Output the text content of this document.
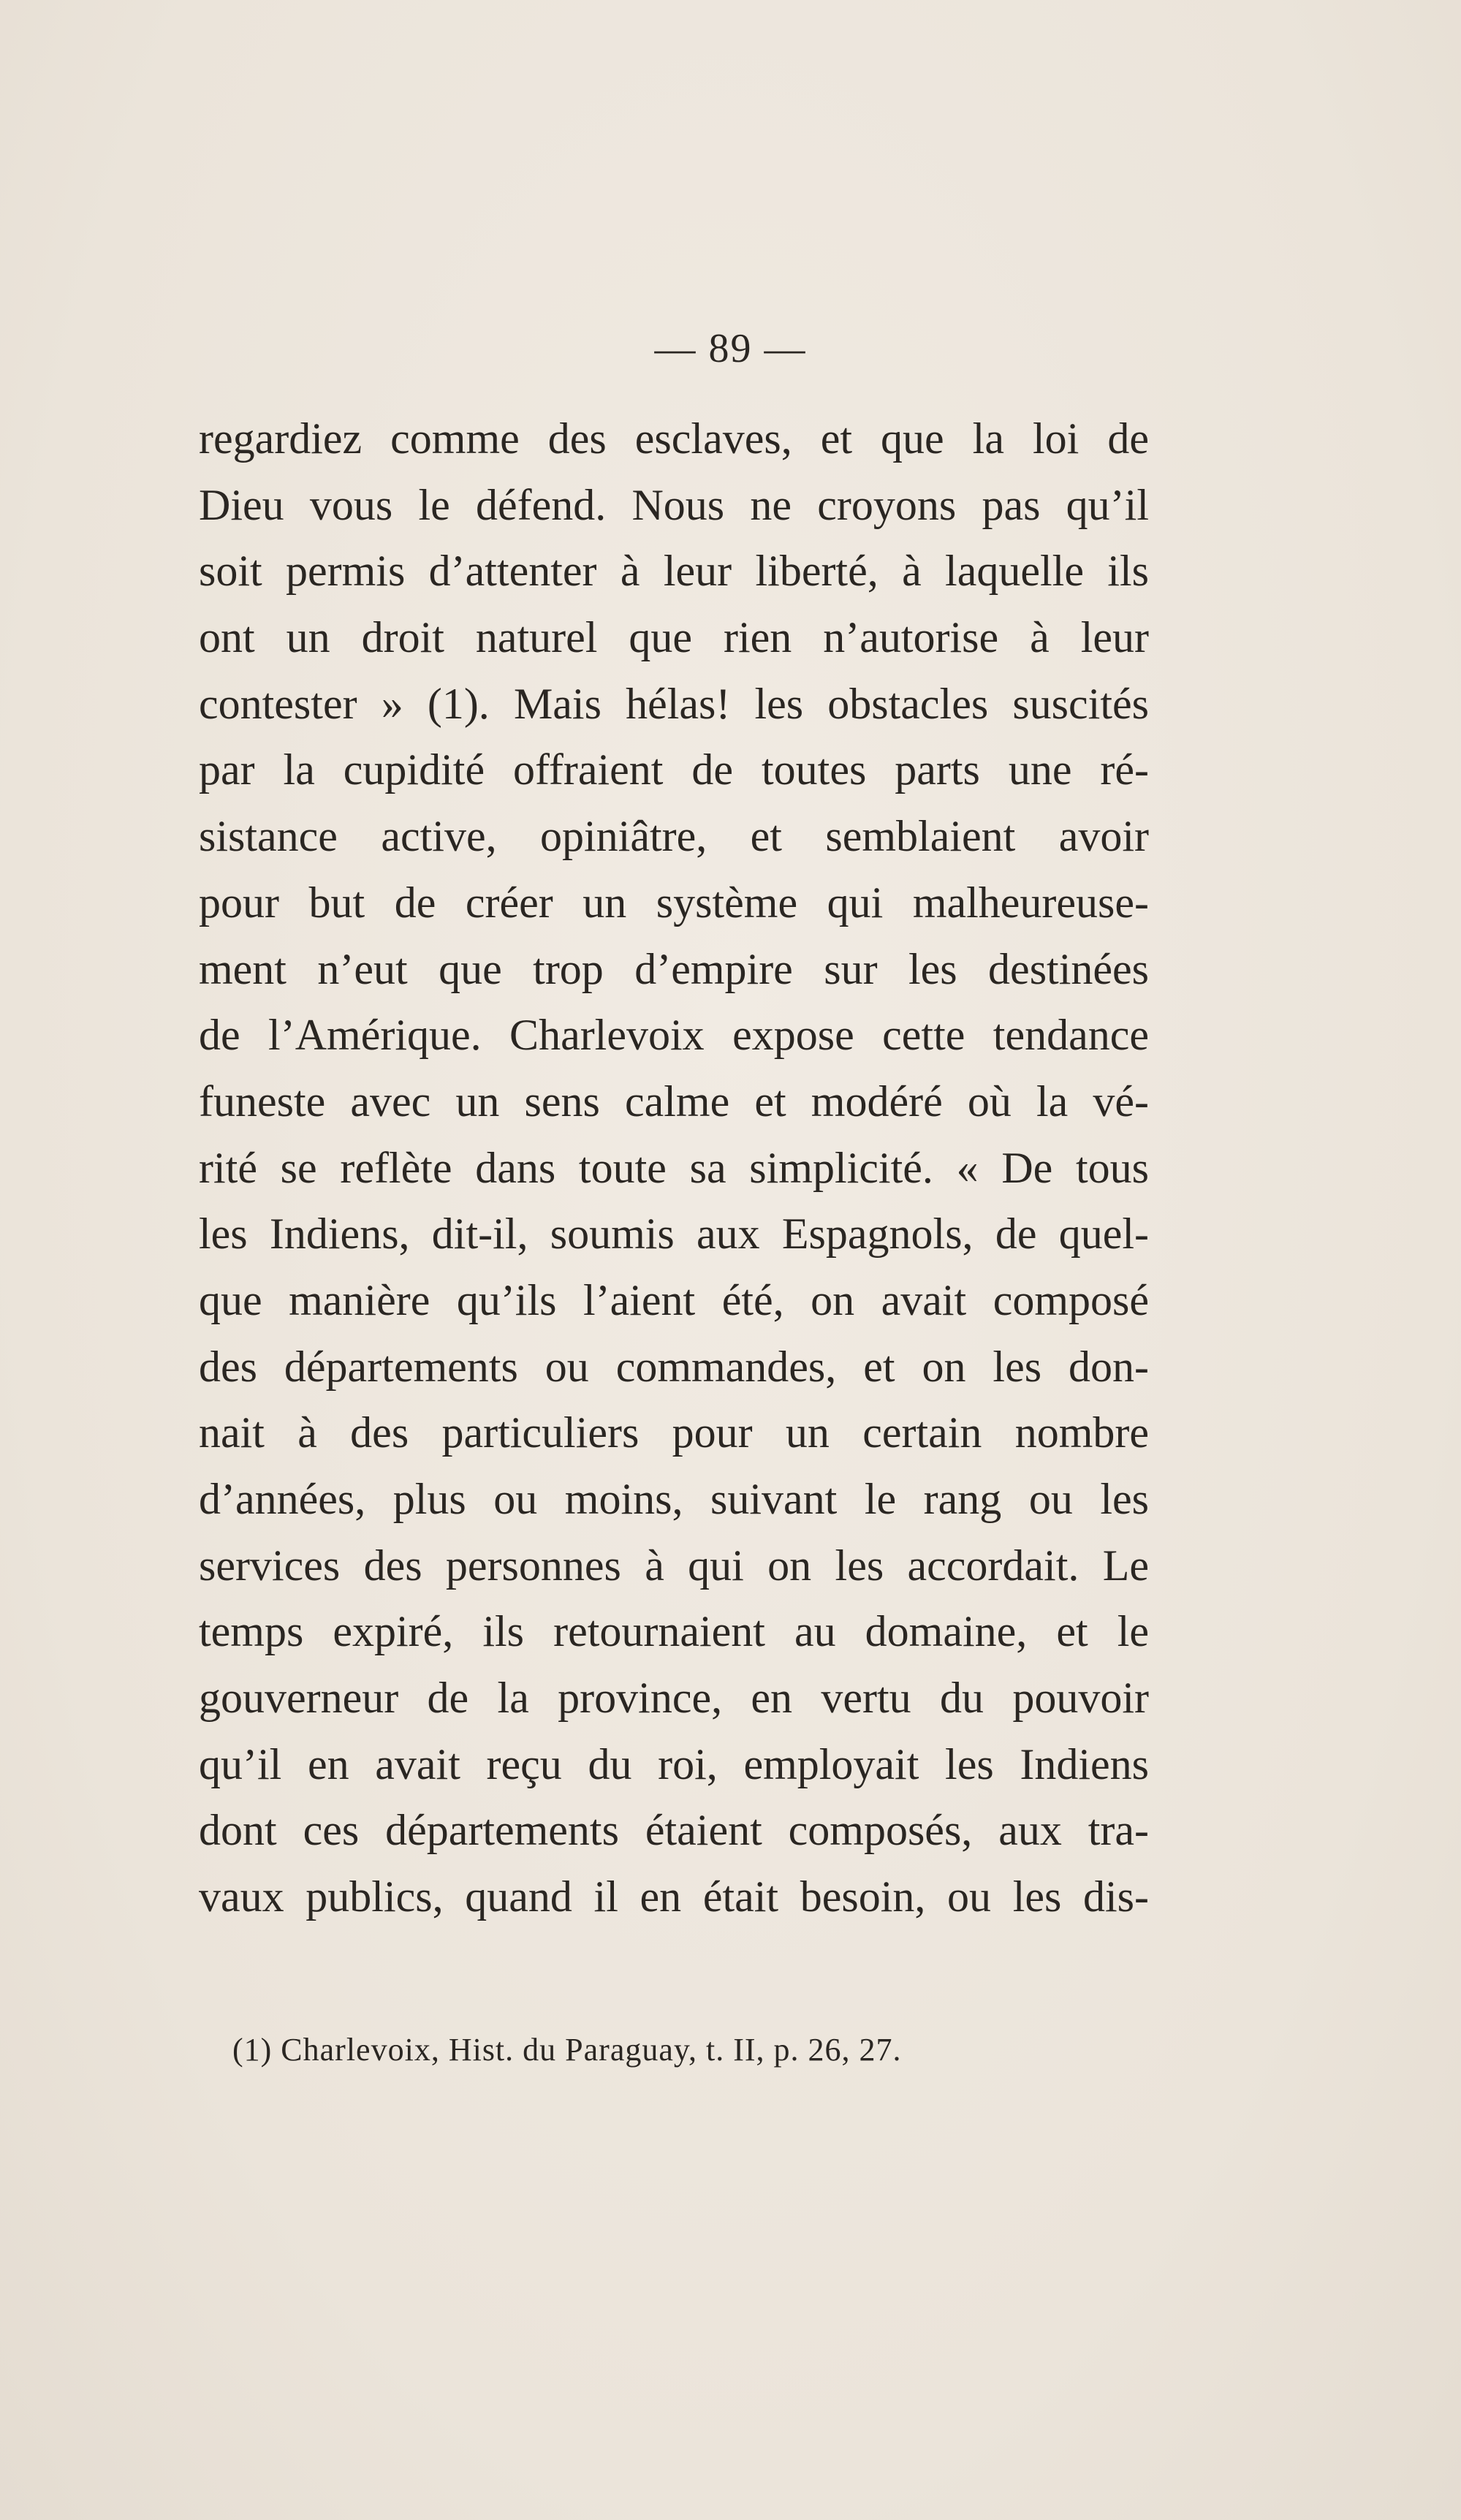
— 89 —
regardiez comme des esclaves, et que la loi de
Dieu vous le défend. Nous ne croyons pas qu’il
soit permis d’attenter à leur liberté, à laquelle ils
ont un droit naturel que rien n’autorise à leur
contester » (1). Mais hélas! les obstacles suscités
par la cupidité offraient de toutes parts une ré-
sistance active, opiniâtre, et semblaient avoir
pour but de créer un système qui malheureuse-
ment n’eut que trop d’empire sur les destinées
de l’Amérique. Charlevoix expose cette tendance
funeste avec un sens calme et modéré où la vé-
rité se reflète dans toute sa simplicité. « De tous
les Indiens, dit-il, soumis aux Espagnols, de quel-
que manière qu’ils l’aient été, on avait composé
des départements ou commandes, et on les don-
nait à des particuliers pour un certain nombre
d’années, plus ou moins, suivant le rang ou les
services des personnes à qui on les accordait. Le
temps expiré, ils retournaient au domaine, et le
gouverneur de la province, en vertu du pouvoir
qu’il en avait reçu du roi, employait les Indiens
dont ces départements étaient composés, aux tra-
vaux publics, quand il en était besoin, ou les dis-
(1) Charlevoix, Hist. du Paraguay, t. II, p. 26, 27.
